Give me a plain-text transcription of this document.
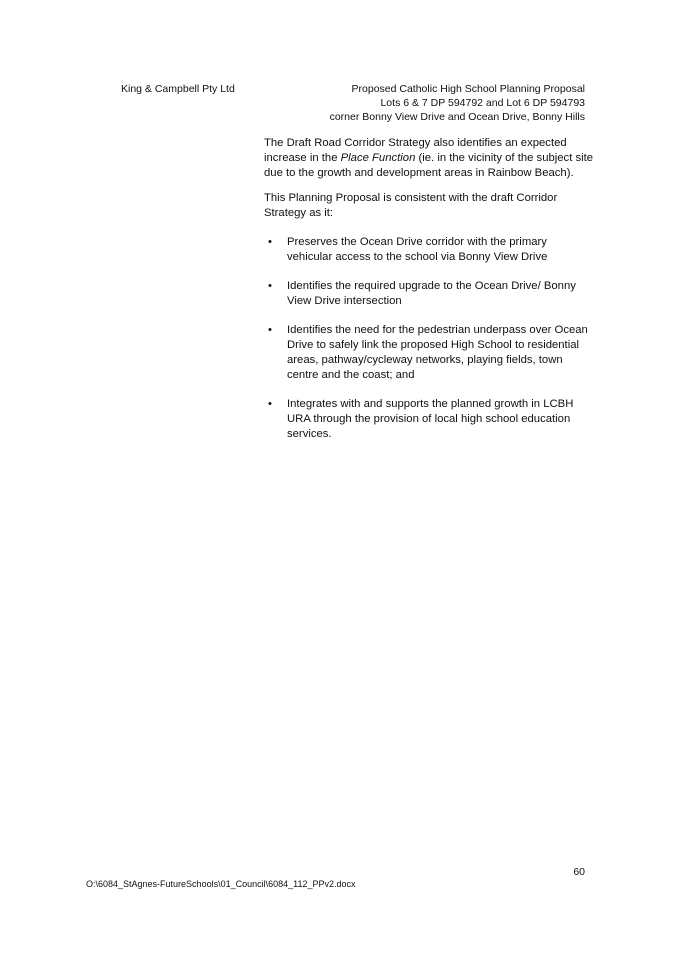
King & Campbell Pty Ltd	Proposed Catholic High School Planning Proposal
Lots 6 & 7 DP 594792 and Lot 6 DP 594793
corner Bonny View Drive and Ocean Drive, Bonny Hills

The Draft Road Corridor Strategy also identifies an expected increase in the Place Function (ie. in the vicinity of the subject site due to the growth and development areas in Rainbow Beach).

This Planning Proposal is consistent with the draft Corridor Strategy as it:

•	Preserves the Ocean Drive corridor with the primary vehicular access to the school via Bonny View Drive
•	Identifies the required upgrade to the Ocean Drive/ Bonny View Drive intersection
•	Identifies the need for the pedestrian underpass over Ocean Drive to safely link the proposed High School to residential areas, pathway/cycleway networks, playing fields, town centre and the coast; and
•	Integrates with and supports the planned growth in LCBH URA through the provision of local high school education services.
60
O:\6084_StAgnes-FutureSchools\01_Council\6084_112_PPv2.docx
